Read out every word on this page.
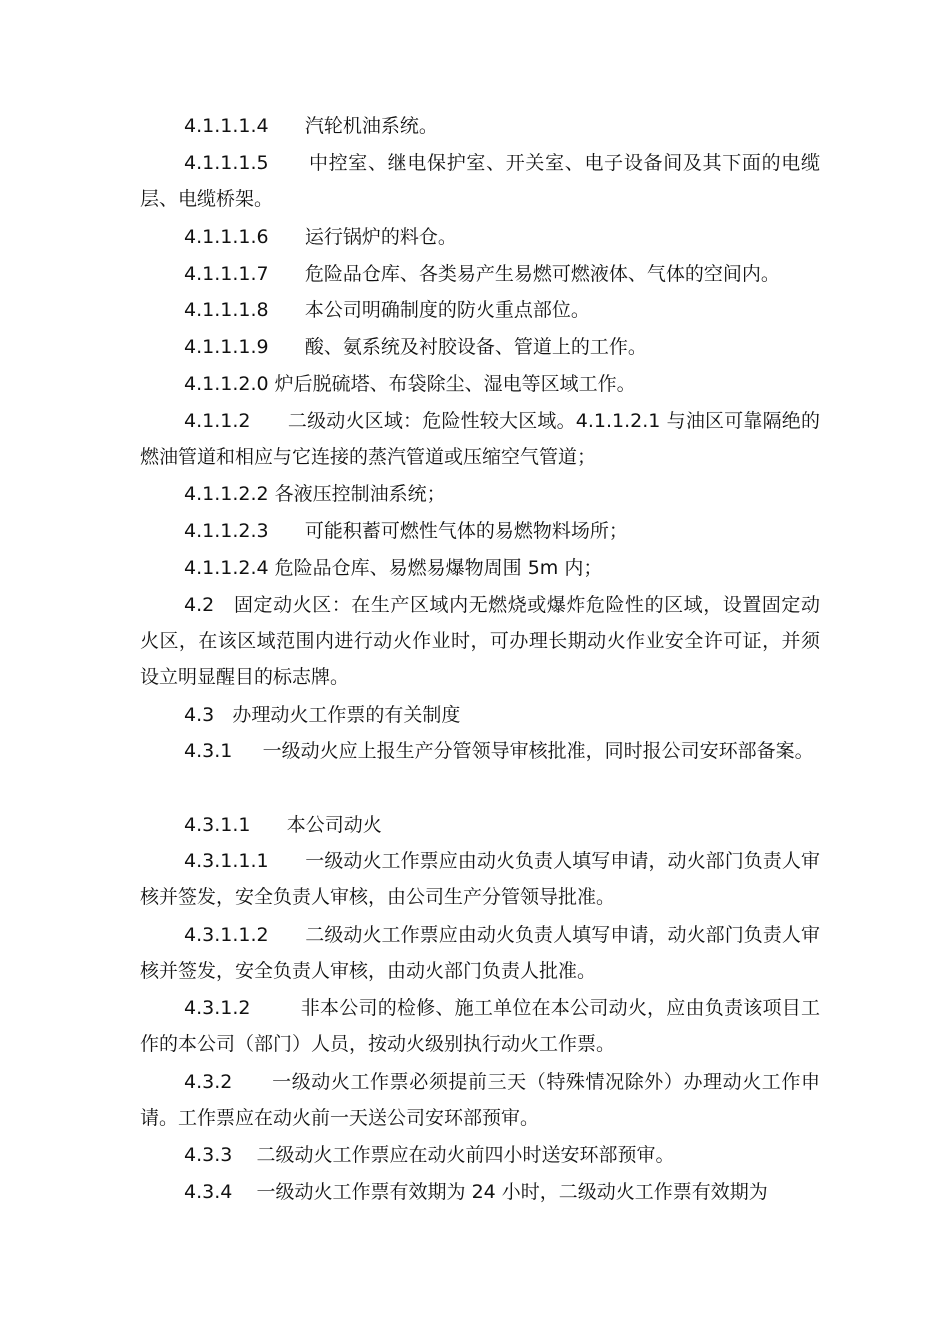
4.1.1.1.4 汽轮机油系统。

4.1.1.1.5 中控室、继电保护室、开关室、电子设备间及其下面的电缆层、电缆桥架。

4.1.1.1.6 运行锅炉的料仓。

4.1.1.1.7 危险品仓库、各类易产生易燃可燃液体、气体的空间内。

4.1.1.1.8 本公司明确制度的防火重点部位。

4.1.1.1.9 酸、氨系统及衬胶设备、管道上的工作。

4.1.1.2.0 炉后脱硫塔、布袋除尘、湿电等区域工作。

4.1.1.2 二级动火区域：危险性较大区域。4.1.1.2.1 与油区可靠隔绝的燃油管道和相应与它连接的蒸汽管道或压缩空气管道；

4.1.1.2.2 各液压控制油系统；

4.1.1.2.3 可能积蓄可燃性气体的易燃物料场所；

4.1.1.2.4 危险品仓库、易燃易爆物周围 5m 内；

4.2 固定动火区：在生产区域内无燃烧或爆炸危险性的区域，设置固定动火区，在该区域范围内进行动火作业时，可办理长期动火作业安全许可证，并须设立明显醒目的标志牌。

4.3 办理动火工作票的有关制度

4.3.1 一级动火应上报生产分管领导审核批准，同时报公司安环部备案。

4.3.1.1 本公司动火

4.3.1.1.1 一级动火工作票应由动火负责人填写申请，动火部门负责人审核并签发，安全负责人审核，由公司生产分管领导批准。

4.3.1.1.2 二级动火工作票应由动火负责人填写申请，动火部门负责人审核并签发，安全负责人审核，由动火部门负责人批准。

4.3.1.2	非本公司的检修、施工单位在本公司动火，应由负责该项目工作的本公司（部门）人员，按动火级别执行动火工作票。

4.3.2 一级动火工作票必须提前三天（特殊情况除外）办理动火工作申请。工作票应在动火前一天送公司安环部预审。

4.3.3 二级动火工作票应在动火前四小时送安环部预审。

4.3.4 一级动火工作票有效期为 24 小时，二级动火工作票有效期为
